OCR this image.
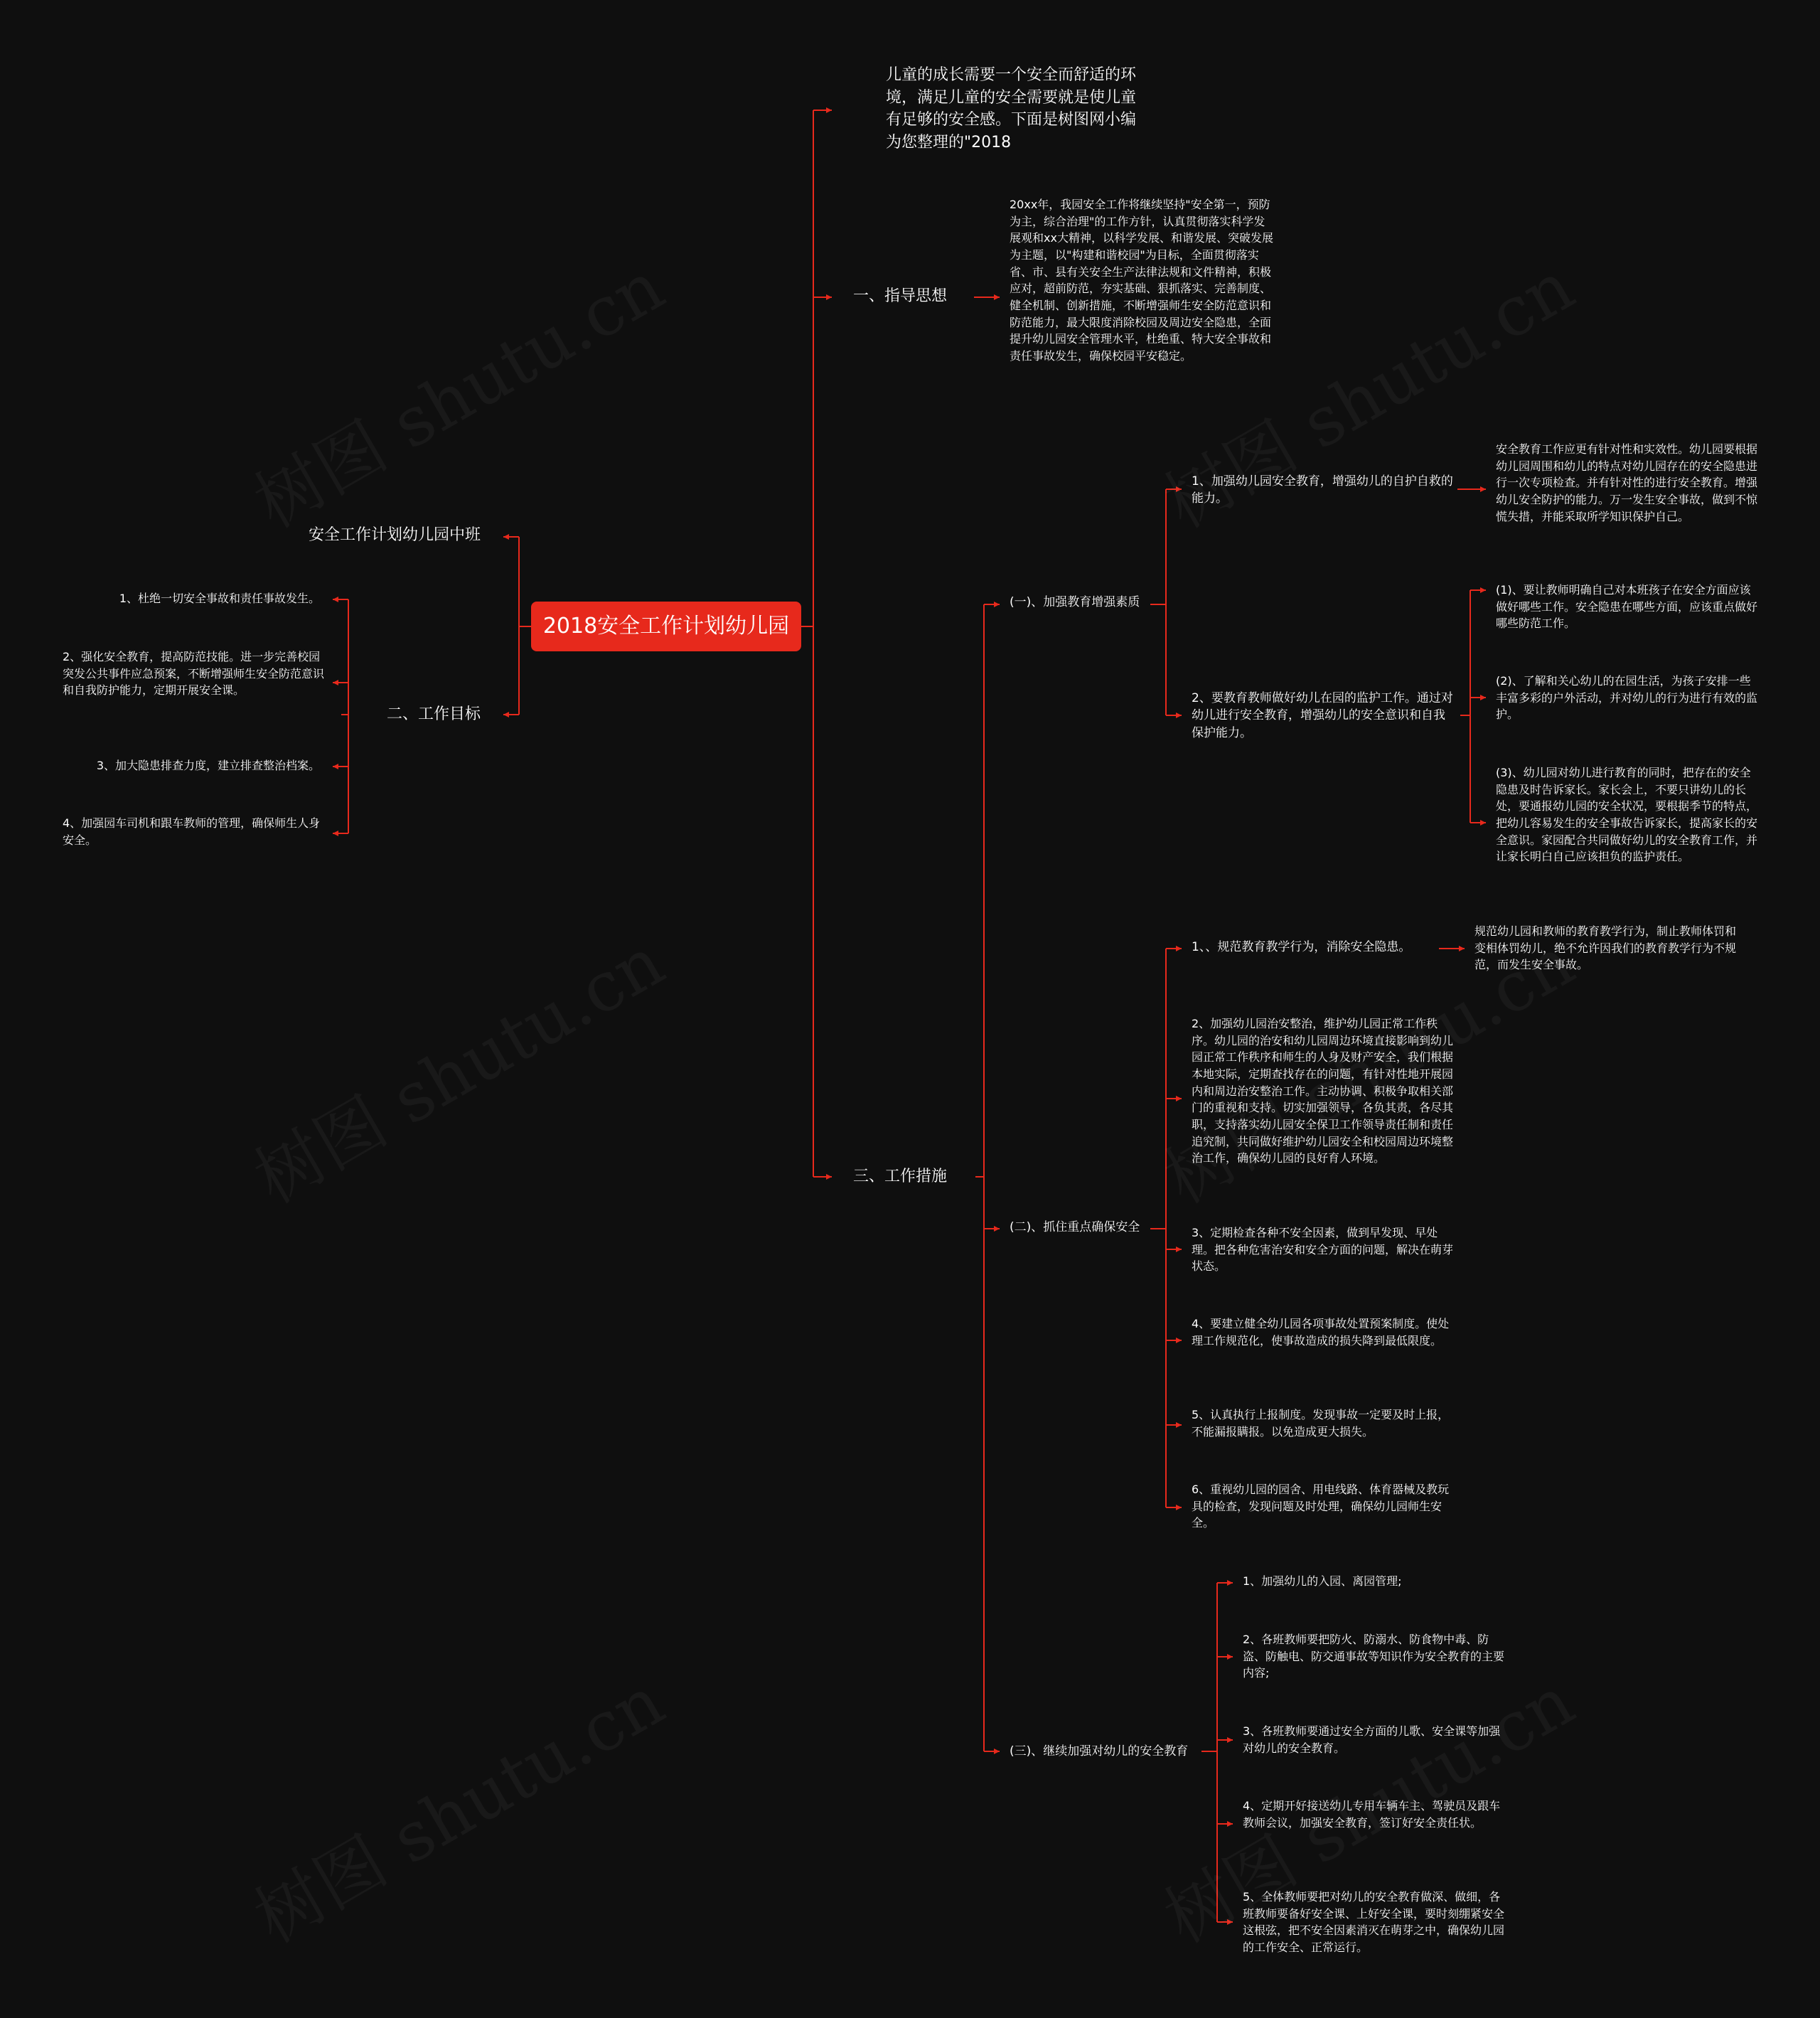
2018安全工作计划幼儿园
安全工作计划幼儿园中班
二、工作目标
1、杜绝一切安全事故和责任事故发生。
2、强化安全教育，提高防范技能。进一步完善校园突发公共事件应急预案，不断增强师生安全防范意识和自我防护能力，定期开展安全课。
3、加大隐患排查力度，建立排查整治档案。
4、加强园车司机和跟车教师的管理，确保师生人身安全。
儿童的成长需要一个安全而舒适的环境，满足儿童的安全需要就是使儿童有足够的安全感。下面是树图网小编为您整理的"2018
一、指导思想
20xx年，我园安全工作将继续坚持"安全第一，预防为主，综合治理"的工作方针，认真贯彻落实科学发展观和xx大精神，以科学发展、和谐发展、突破发展为主题，以"构建和谐校园"为目标，全面贯彻落实省、市、县有关安全生产法律法规和文件精神，积极应对，超前防范，夯实基础、狠抓落实、完善制度、健全机制、创新措施，不断增强师生安全防范意识和防范能力，最大限度消除校园及周边安全隐患，全面提升幼儿园安全管理水平，杜绝重、特大安全事故和责任事故发生，确保校园平安稳定。
三、工作措施
(一)、加强教育增强素质
1、加强幼儿园安全教育，增强幼儿的自护自救的能力。
安全教育工作应更有针对性和实效性。幼儿园要根据幼儿园周围和幼儿的特点对幼儿园存在的安全隐患进行一次专项检查。并有针对性的进行安全教育。增强幼儿安全防护的能力。万一发生安全事故，做到不惊慌失措，并能采取所学知识保护自己。
2、要教育教师做好幼儿在园的监护工作。通过对幼儿进行安全教育，增强幼儿的安全意识和自我保护能力。
(1)、要让教师明确自己对本班孩子在安全方面应该做好哪些工作。安全隐患在哪些方面，应该重点做好哪些防范工作。
(2)、了解和关心幼儿的在园生活，为孩子安排一些丰富多彩的户外活动，并对幼儿的行为进行有效的监护。
(3)、幼儿园对幼儿进行教育的同时，把存在的安全隐患及时告诉家长。家长会上，不要只讲幼儿的长处，要通报幼儿园的安全状况，要根据季节的特点，把幼儿容易发生的安全事故告诉家长，提高家长的安全意识。家园配合共同做好幼儿的安全教育工作，并让家长明白自己应该担负的监护责任。
(二)、抓住重点确保安全
1、、规范教育教学行为，消除安全隐患。
规范幼儿园和教师的教育教学行为，制止教师体罚和变相体罚幼儿，绝不允许因我们的教育教学行为不规范，而发生安全事故。
2、加强幼儿园治安整治，维护幼儿园正常工作秩序。幼儿园的治安和幼儿园周边环境直接影响到幼儿园正常工作秩序和师生的人身及财产安全，我们根据本地实际，定期查找存在的问题，有针对性地开展园内和周边治安整治工作。主动协调、积极争取相关部门的重视和支持。切实加强领导，各负其责，各尽其职，支持落实幼儿园安全保卫工作领导责任制和责任追究制，共同做好维护幼儿园安全和校园周边环境整治工作，确保幼儿园的良好育人环境。
3、定期检查各种不安全因素，做到早发现、早处理。把各种危害治安和安全方面的问题，解决在萌芽状态。
4、要建立健全幼儿园各项事故处置预案制度。使处理工作规范化，使事故造成的损失降到最低限度。
5、认真执行上报制度。发现事故一定要及时上报，不能漏报瞒报。以免造成更大损失。
6、重视幼儿园的园舍、用电线路、体育器械及教玩具的检查，发现问题及时处理，确保幼儿园师生安全。
(三)、继续加强对幼儿的安全教育
1、加强幼儿的入园、离园管理;
2、各班教师要把防火、防溺水、防食物中毒、防盗、防触电、防交通事故等知识作为安全教育的主要内容;
3、各班教师要通过安全方面的儿歌、安全课等加强对幼儿的安全教育。
4、定期开好接送幼儿专用车辆车主、驾驶员及跟车教师会议，加强安全教育，签订好安全责任状。
5、全体教师要把对幼儿的安全教育做深、做细，各班教师要备好安全课、上好安全课，要时刻绷紧安全这根弦，把不安全因素消灭在萌芽之中，确保幼儿园的工作安全、正常运行。
